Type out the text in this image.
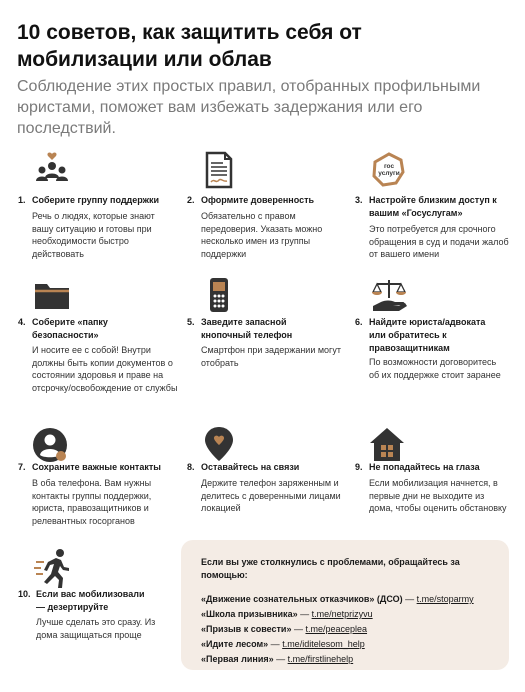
10 советов, как защитить себя от мобилизации или облав
Соблюдение этих простых правил, отобранных профильными юристами, поможет вам избежать задержания или его последствий.
1. Соберите группу поддержки
Речь о людях, которые знают вашу ситуацию и готовы при необходимости быстро действовать
2. Оформите доверенность
Обязательно с правом передоверия. Указать можно несколько имен из группы поддержки
гос
услуги
3. Настройте близким доступ к вашим «Госуслугам»
Это потребуется для срочного обращения в суд и подачи жалоб от вашего имени
4. Соберите «папку безопасности»
И носите ее с собой! Внутри должны быть копии документов о состоянии здоровья и праве на отсрочку/освобождение от службы
5. Заведите запасной кнопочный телефон
Смартфон при задержании могут отобрать
6. Найдите юриста/адвоката или обратитесь к правозащитникам
По возможности договоритесь об их поддержке стоит заранее
7. Сохраните важные контакты
В оба телефона. Вам нужны контакты группы поддержки, юриста, правозащитников и релевантных госорганов
8. Оставайтесь на связи
Держите телефон заряженным и делитесь с доверенными лицами локацией
9. Не попадайтесь на глаза
Если мобилизация начнется, в первые дни не выходите из дома, чтобы оценить обстановку
10. Если вас мобилизовали — дезертируйте
Лучше сделать это сразу. Из дома защищаться проще
Если вы уже столкнулись с проблемами, обращайтесь за помощью:
«Движение сознательных отказчиков» (ДСО) — t.me/stoparmy
«Школа призывника» — t.me/netprizyvu
«Призыв к совести» — t.me/peaceplea
«Идите лесом» — t.me/iditelesom_help
«Первая линия» — t.me/firstlinehelp
